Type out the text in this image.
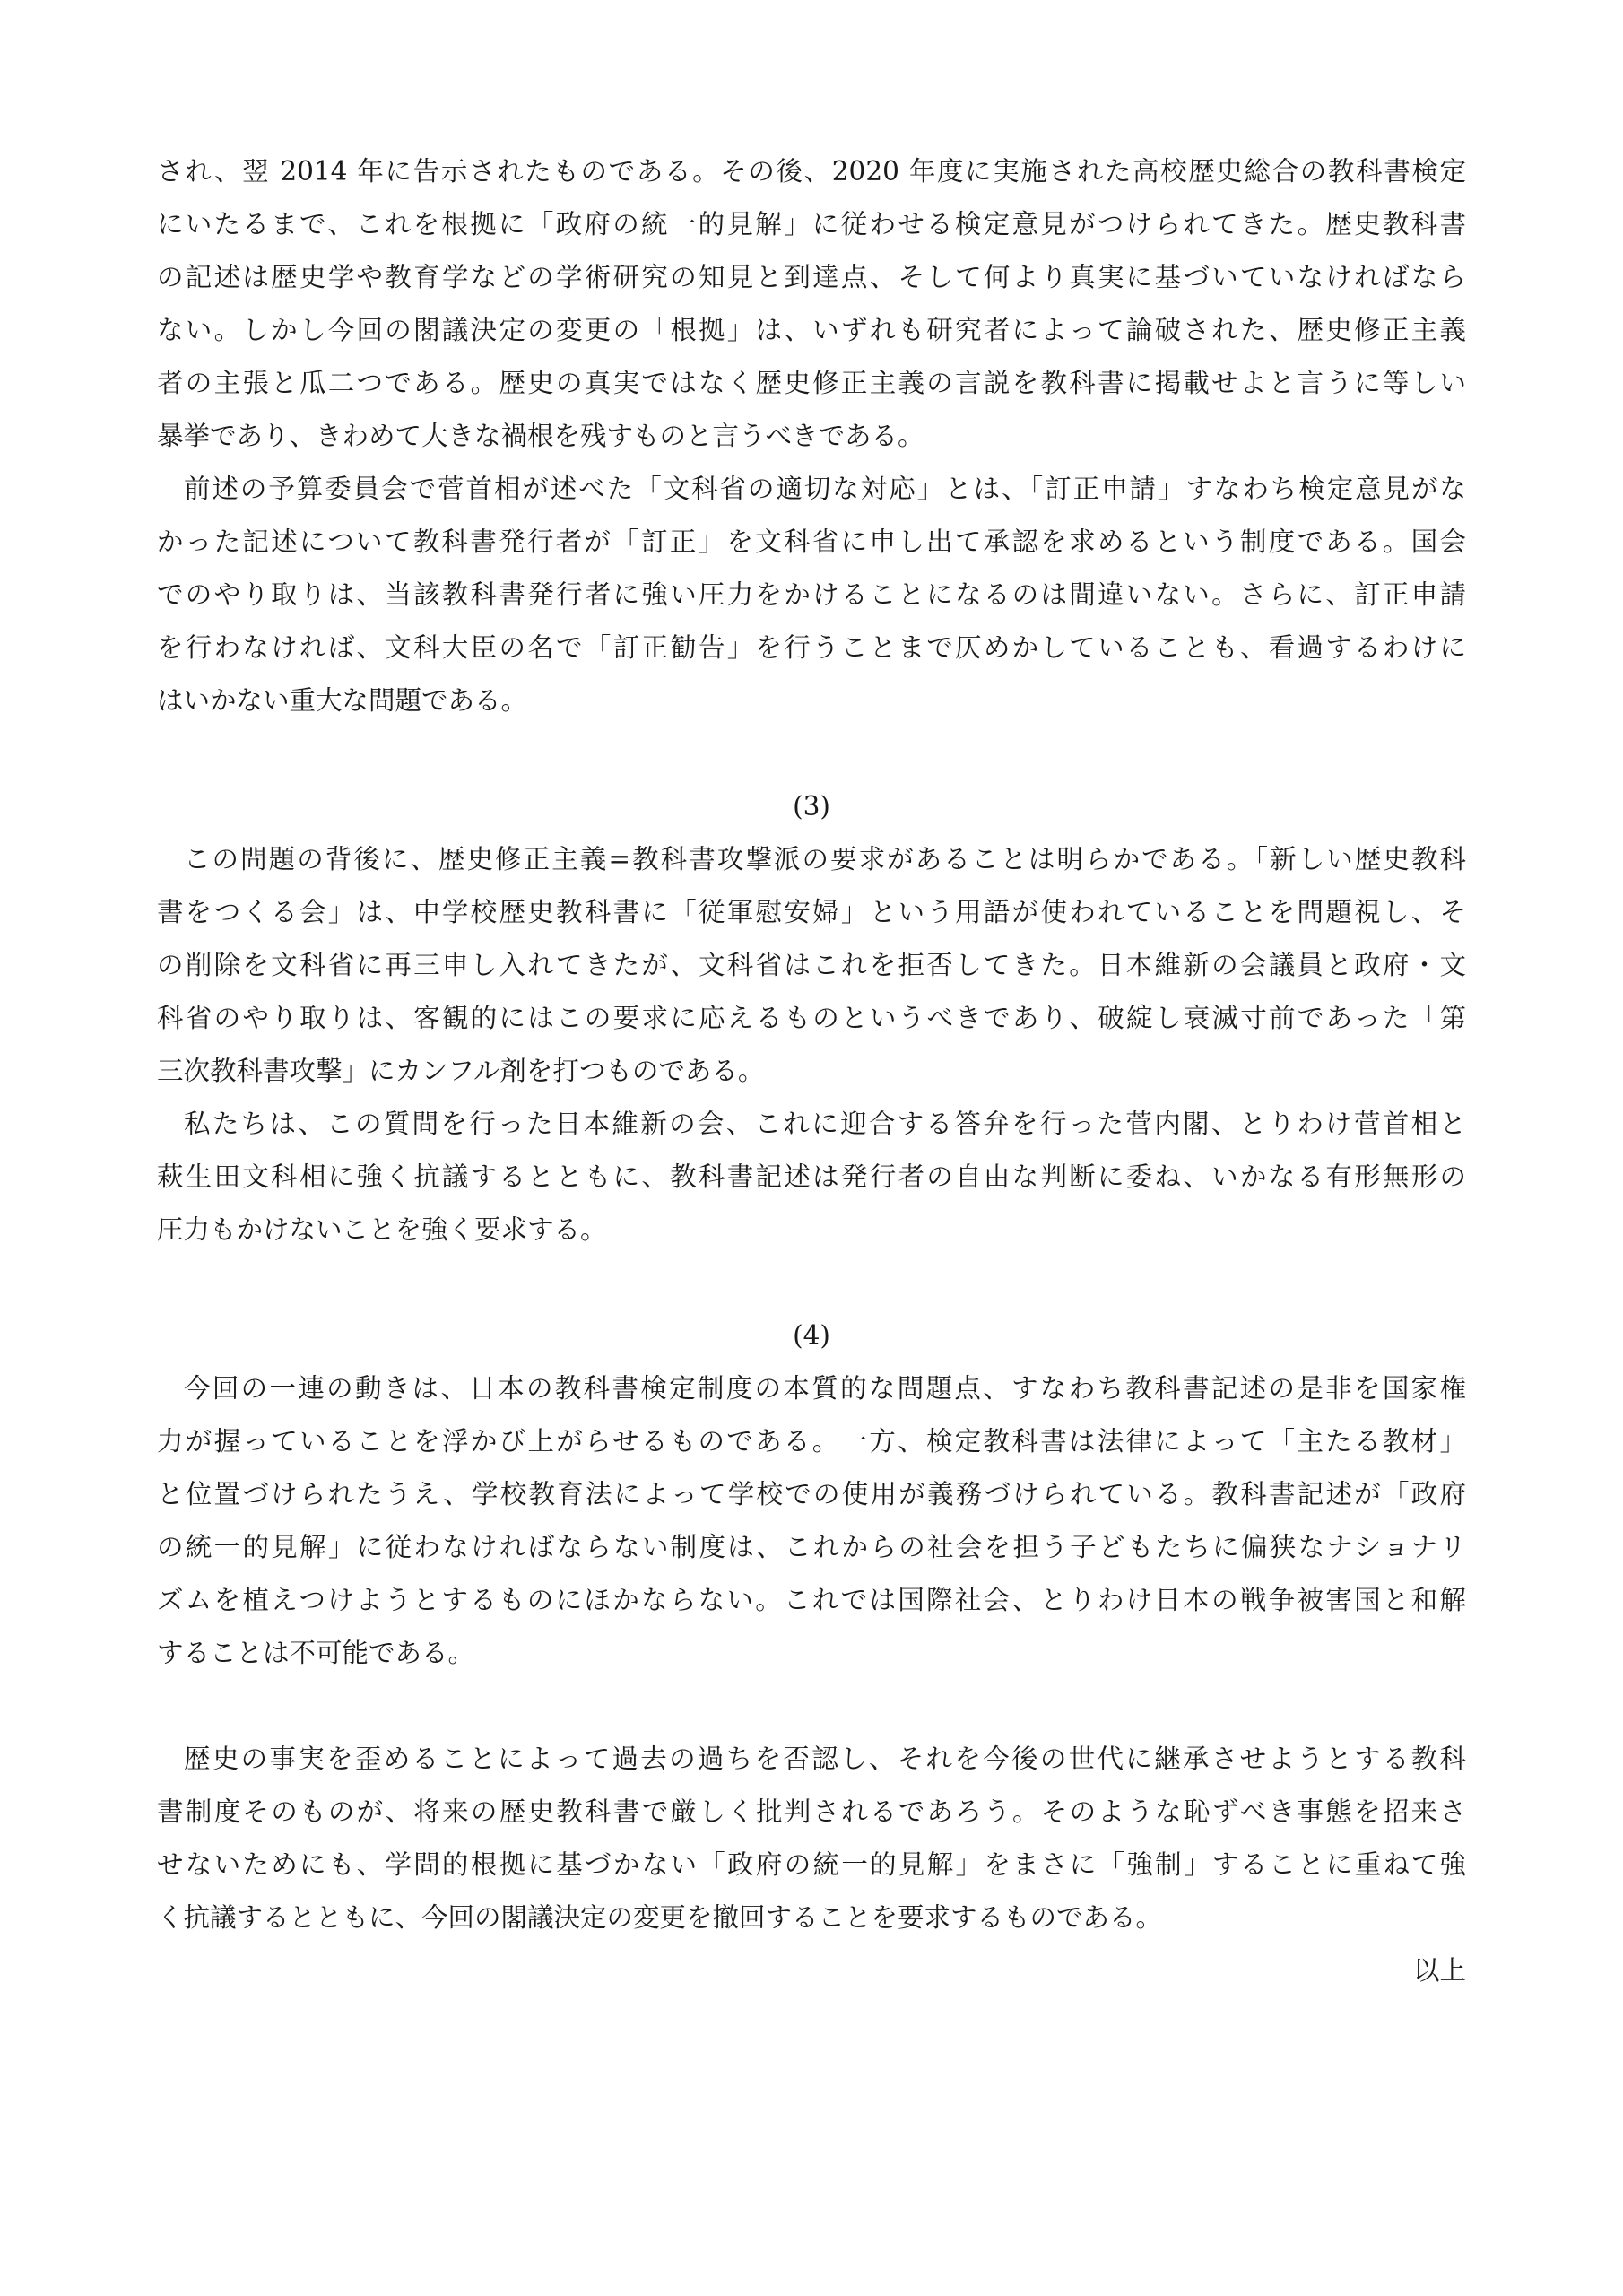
され、翌 2014 年に告示されたものである。その後、2020 年度に実施された高校歴史総合の教科書検定
にいたるまで、これを根拠に「政府の統一的見解」に従わせる検定意見がつけられてきた。歴史教科書
の記述は歴史学や教育学などの学術研究の知見と到達点、そして何より真実に基づいていなければなら
ない。しかし今回の閣議決定の変更の「根拠」は、いずれも研究者によって論破された、歴史修正主義
者の主張と瓜二つである。歴史の真実ではなく歴史修正主義の言説を教科書に掲載せよと言うに等しい
暴挙であり、きわめて大きな禍根を残すものと言うべきである。
前述の予算委員会で菅首相が述べた「文科省の適切な対応」とは、「訂正申請」すなわち検定意見がな
かった記述について教科書発行者が「訂正」を文科省に申し出て承認を求めるという制度である。国会
でのやり取りは、当該教科書発行者に強い圧力をかけることになるのは間違いない。さらに、訂正申請
を行わなければ、文科大臣の名で「訂正勧告」を行うことまで仄めかしていることも、看過するわけに
はいかない重大な問題である。
(3)
この問題の背後に、歴史修正主義=教科書攻撃派の要求があることは明らかである。「新しい歴史教科
書をつくる会」は、中学校歴史教科書に「従軍慰安婦」という用語が使われていることを問題視し、そ
の削除を文科省に再三申し入れてきたが、文科省はこれを拒否してきた。日本維新の会議員と政府・文
科省のやり取りは、客観的にはこの要求に応えるものというべきであり、破綻し衰滅寸前であった「第
三次教科書攻撃」にカンフル剤を打つものである。
私たちは、この質問を行った日本維新の会、これに迎合する答弁を行った菅内閣、とりわけ菅首相と
萩生田文科相に強く抗議するとともに、教科書記述は発行者の自由な判断に委ね、いかなる有形無形の
圧力もかけないことを強く要求する。
(4)
今回の一連の動きは、日本の教科書検定制度の本質的な問題点、すなわち教科書記述の是非を国家権
力が握っていることを浮かび上がらせるものである。一方、検定教科書は法律によって「主たる教材」
と位置づけられたうえ、学校教育法によって学校での使用が義務づけられている。教科書記述が「政府
の統一的見解」に従わなければならない制度は、これからの社会を担う子どもたちに偏狭なナショナリ
ズムを植えつけようとするものにほかならない。これでは国際社会、とりわけ日本の戦争被害国と和解
することは不可能である。
歴史の事実を歪めることによって過去の過ちを否認し、それを今後の世代に継承させようとする教科
書制度そのものが、将来の歴史教科書で厳しく批判されるであろう。そのような恥ずべき事態を招来さ
せないためにも、学問的根拠に基づかない「政府の統一的見解」をまさに「強制」することに重ねて強
く抗議するとともに、今回の閣議決定の変更を撤回することを要求するものである。
以上
